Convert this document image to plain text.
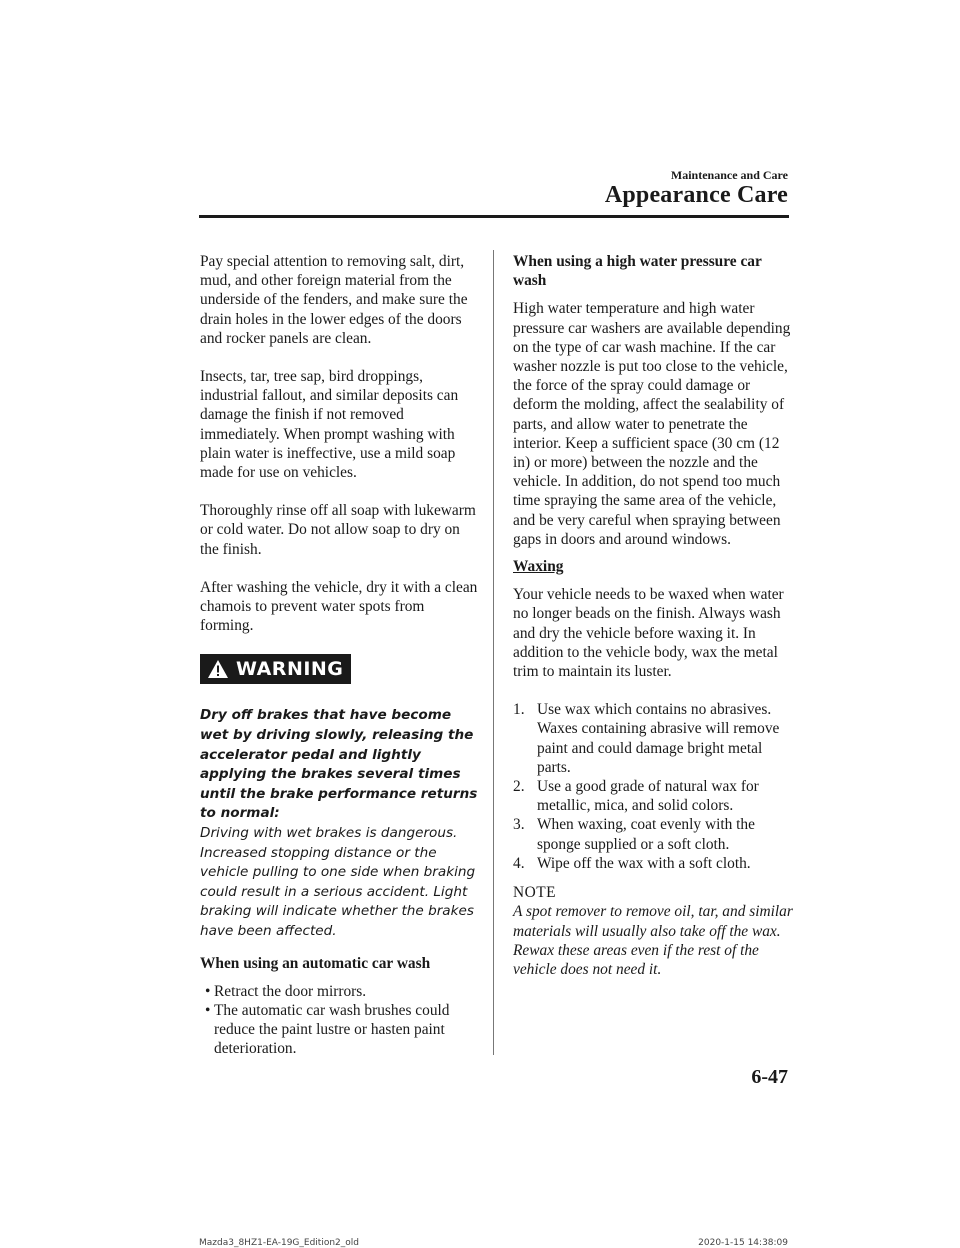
Maintenance and Care
Appearance Care

Pay special attention to removing salt, dirt, mud, and other foreign material from the underside of the fenders, and make sure the drain holes in the lower edges of the doors and rocker panels are clean.

Insects, tar, tree sap, bird droppings, industrial fallout, and similar deposits can damage the finish if not removed immediately. When prompt washing with plain water is ineffective, use a mild soap made for use on vehicles.

Thoroughly rinse off all soap with lukewarm or cold water. Do not allow soap to dry on the finish.

After washing the vehicle, dry it with a clean chamois to prevent water spots from forming.

WARNING
Dry off brakes that have become wet by driving slowly, releasing the accelerator pedal and lightly applying the brakes several times until the brake performance returns to normal:
Driving with wet brakes is dangerous. Increased stopping distance or the vehicle pulling to one side when braking could result in a serious accident. Light braking will indicate whether the brakes have been affected.

When using an automatic car wash

• Retract the door mirrors.
• The automatic car wash brushes could reduce the paint lustre or hasten paint deterioration.

When using a high water pressure car wash

High water temperature and high water pressure car washers are available depending on the type of car wash machine. If the car washer nozzle is put too close to the vehicle, the force of the spray could damage or deform the molding, affect the sealability of parts, and allow water to penetrate the interior. Keep a sufficient space (30 cm (12 in) or more) between the nozzle and the vehicle. In addition, do not spend too much time spraying the same area of the vehicle, and be very careful when spraying between gaps in doors and around windows.

Waxing

Your vehicle needs to be waxed when water no longer beads on the finish. Always wash and dry the vehicle before waxing it. In addition to the vehicle body, wax the metal trim to maintain its luster.

1. Use wax which contains no abrasives. Waxes containing abrasive will remove paint and could damage bright metal parts.
2. Use a good grade of natural wax for metallic, mica, and solid colors.
3. When waxing, coat evenly with the sponge supplied or a soft cloth.
4. Wipe off the wax with a soft cloth.

NOTE

A spot remover to remove oil, tar, and similar materials will usually also take off the wax. Rewax these areas even if the rest of the vehicle does not need it.

6-47
Mazda3_8HZ1-EA-19G_Edition2_old	2020-1-15 14:38:09
